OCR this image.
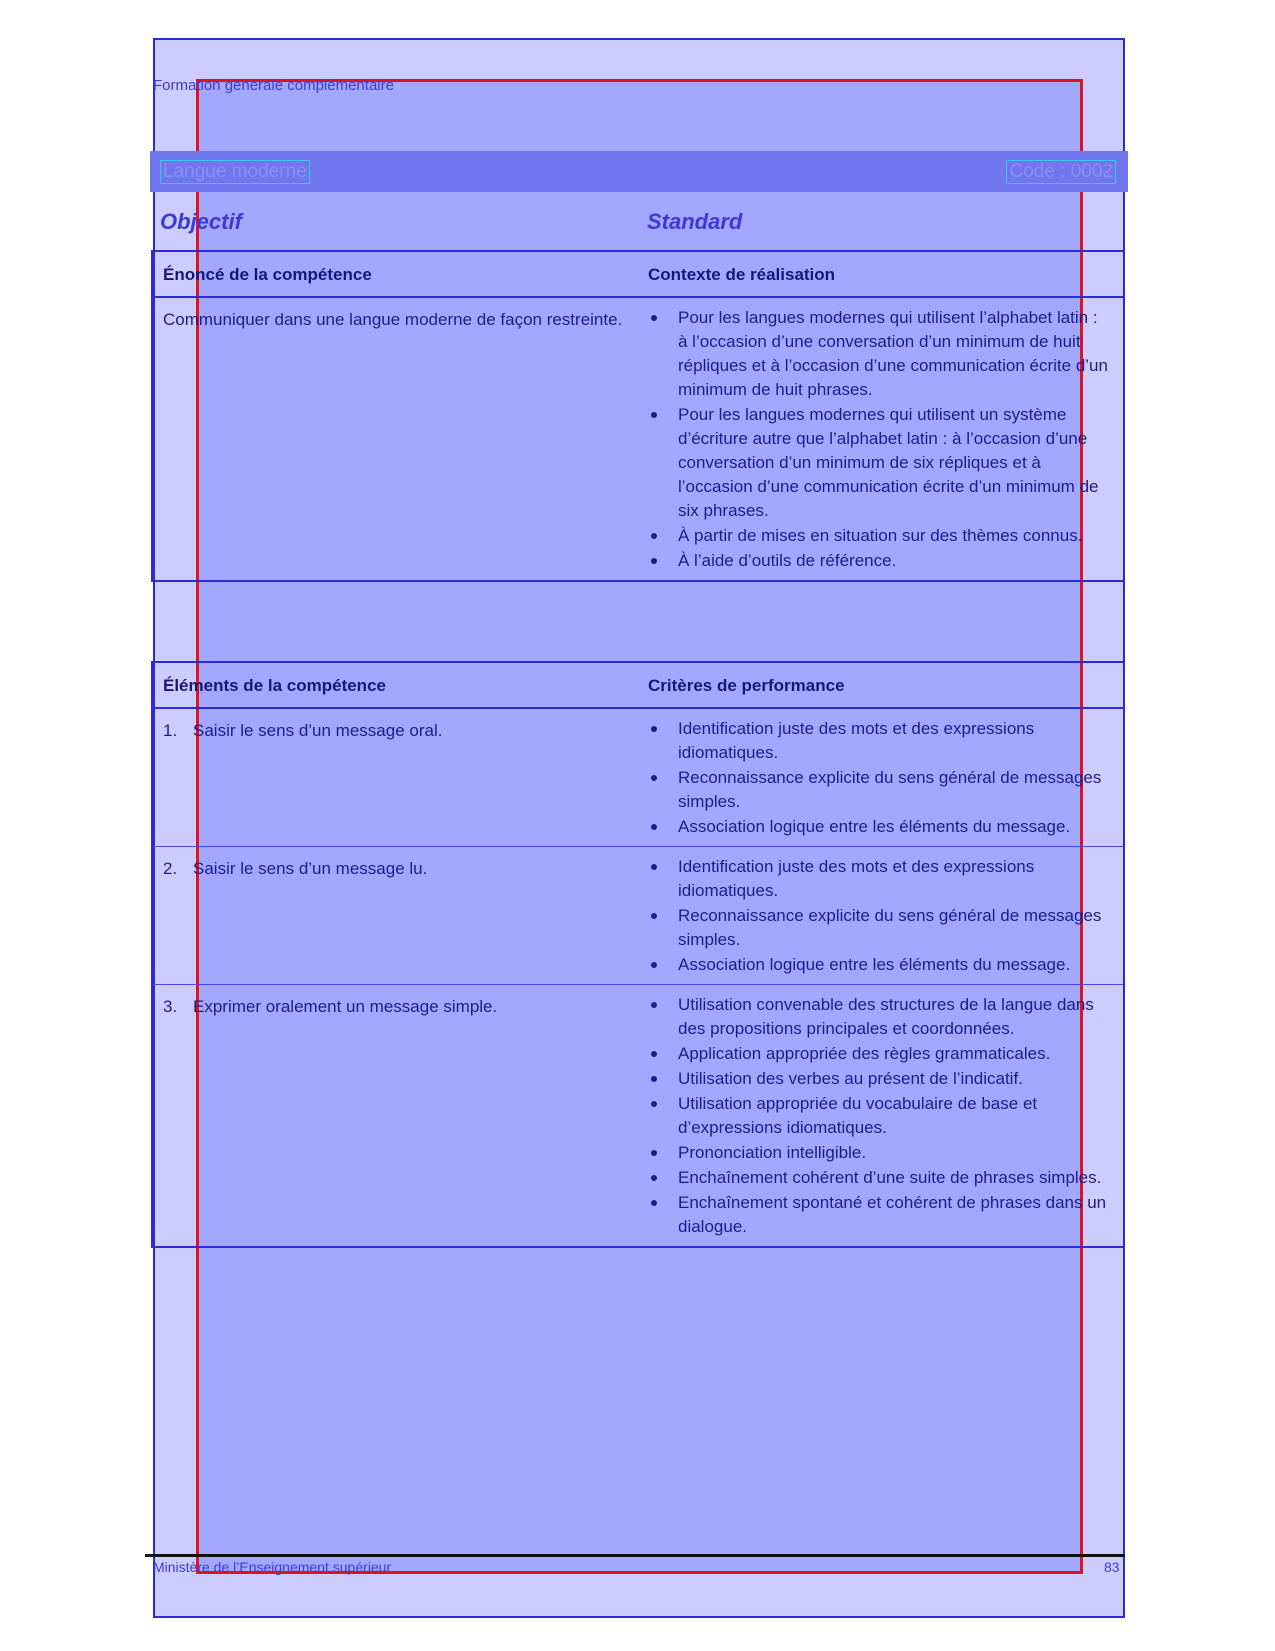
Formation générale complémentaire
Langue moderne	Code : 0002
Objectif	Standard
Énoncé de la compétence	Contexte de réalisation
Communiquer dans une langue moderne de façon restreinte.	Pour les langues modernes qui utilisent l’alphabet latin : à l’occasion d’une conversation d’un minimum de huit répliques et à l’occasion d’une communication écrite d’un minimum de huit phrases.
Pour les langues modernes qui utilisent un système d’écriture autre que l’alphabet latin : à l’occasion d’une conversation d’un minimum de six répliques et à l’occasion d’une communication écrite d’un minimum de six phrases.
À partir de mises en situation sur des thèmes connus.
À l’aide d’outils de référence.
Éléments de la compétence	Critères de performance
1. Saisir le sens d’un message oral.	Identification juste des mots et des expressions idiomatiques.
Reconnaissance explicite du sens général de messages simples.
Association logique entre les éléments du message.
2. Saisir le sens d’un message lu.	Identification juste des mots et des expressions idiomatiques.
Reconnaissance explicite du sens général de messages simples.
Association logique entre les éléments du message.
3. Exprimer oralement un message simple.	Utilisation convenable des structures de la langue dans des propositions principales et coordonnées.
Application appropriée des règles grammaticales.
Utilisation des verbes au présent de l’indicatif.
Utilisation appropriée du vocabulaire de base et d’expressions idiomatiques.
Prononciation intelligible.
Enchaînement cohérent d’une suite de phrases simples.
Enchaînement spontané et cohérent de phrases dans un dialogue.
Ministère de l’Enseignement supérieur	83
